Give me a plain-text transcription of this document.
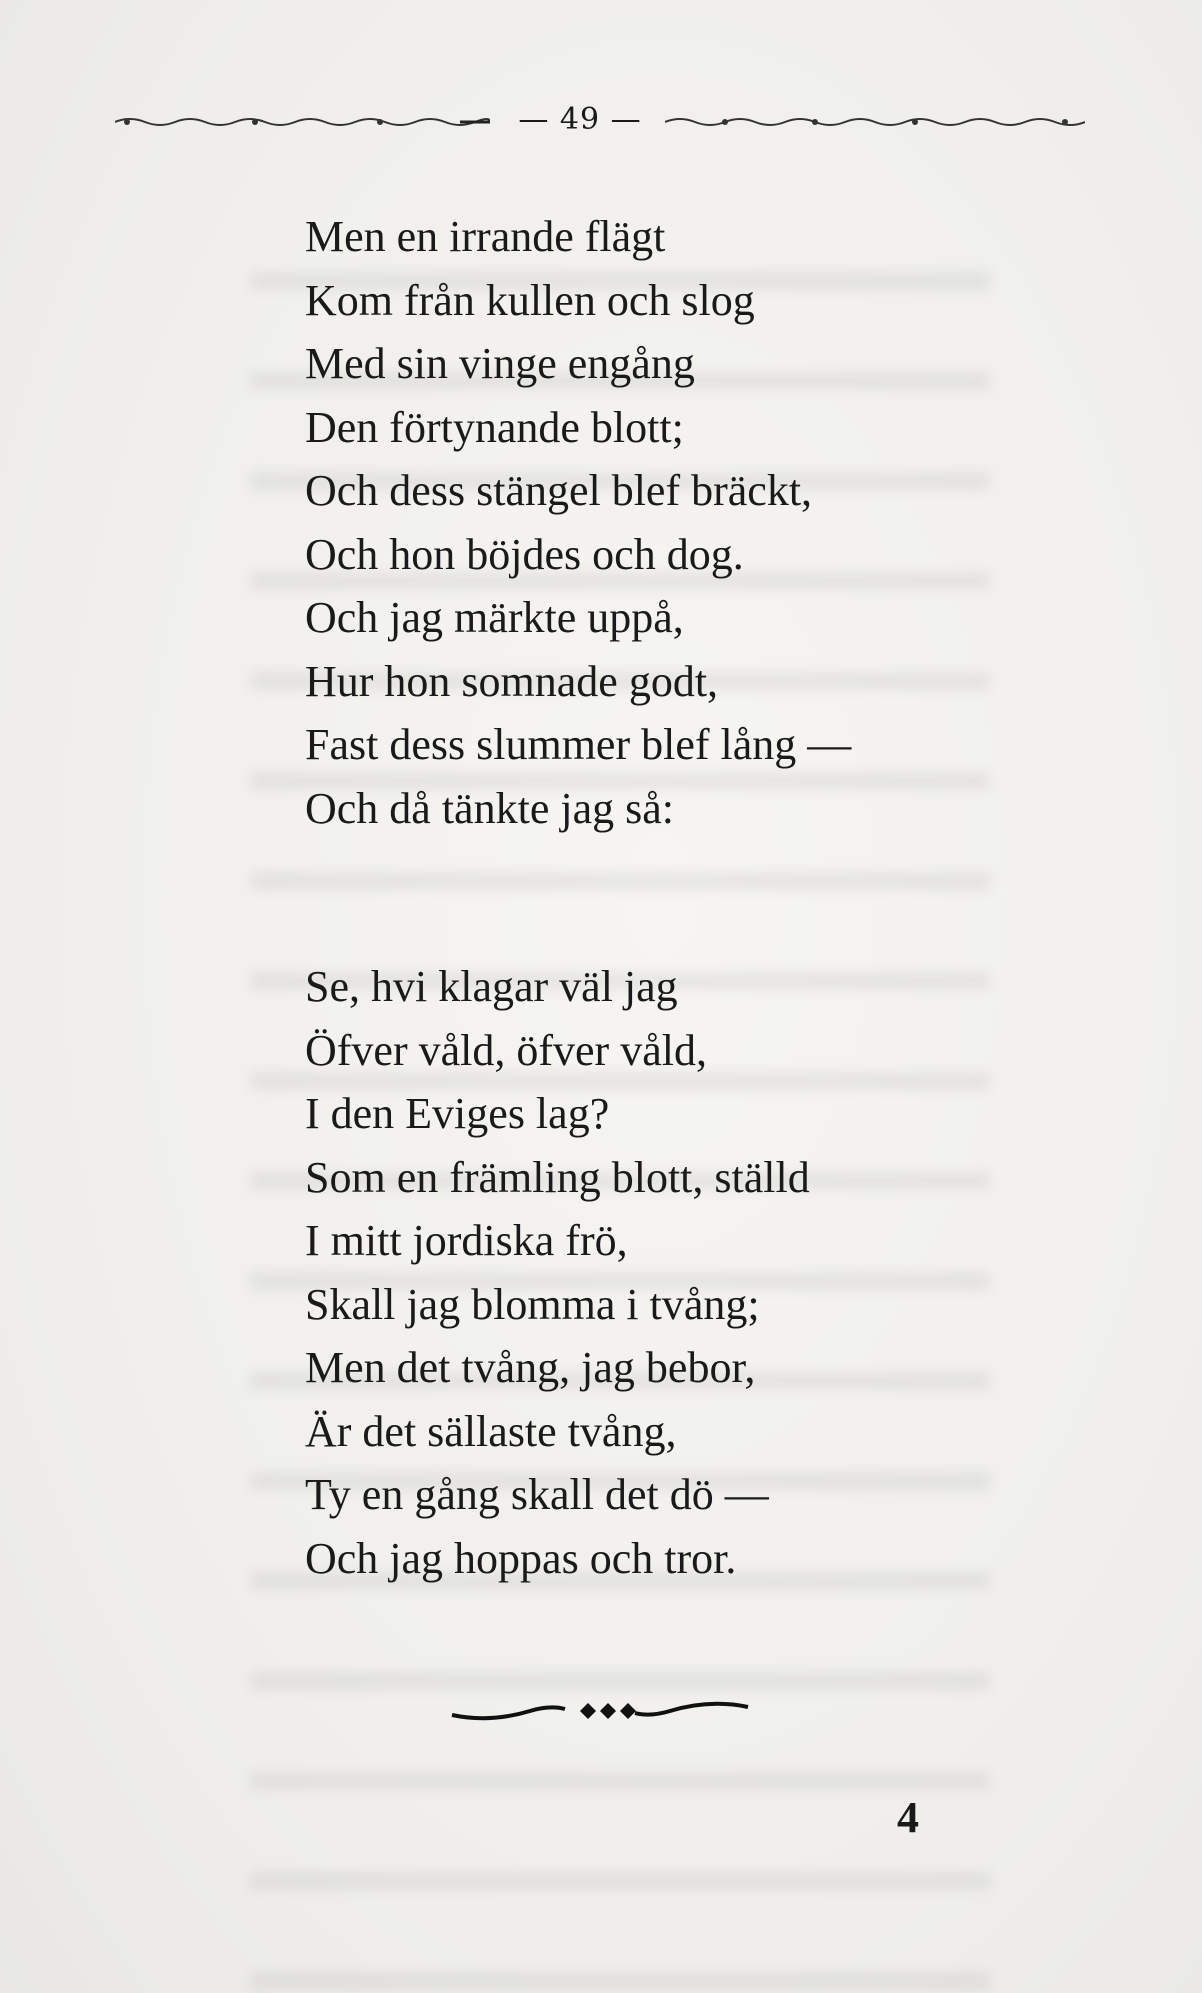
— 49 —
Men en irrande flägt
Kom från kullen och slog
Med sin vinge engång
Den förtynande blott;
Och dess stängel blef bräckt,
Och hon böjdes och dog.
Och jag märkte uppå,
Hur hon somnade godt,
Fast dess slummer blef lång —
Och då tänkte jag så:
Se, hvi klagar väl jag
Öfver våld, öfver våld,
I den Eviges lag?
Som en främling blott, ställd
I mitt jordiska frö,
Skall jag blomma i tvång;
Men det tvång, jag bebor,
Är det sällaste tvång,
Ty en gång skall det dö —
Och jag hoppas och tror.
4
